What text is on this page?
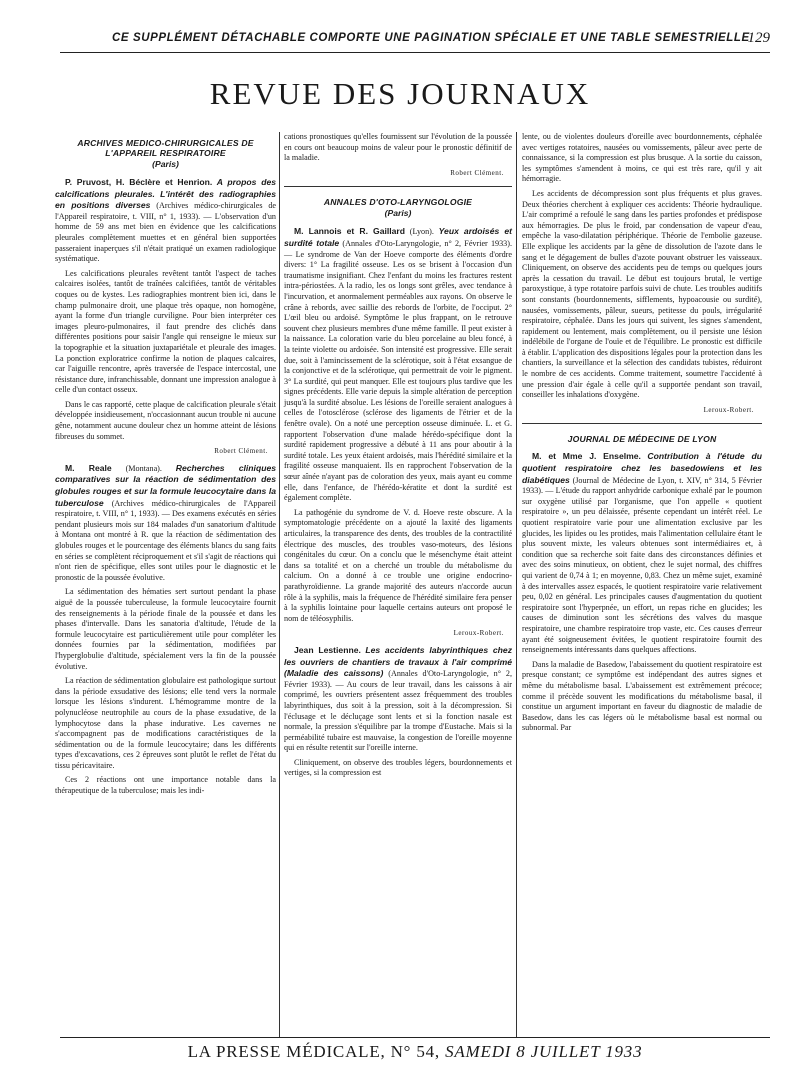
CE SUPPLÉMENT DÉTACHABLE COMPORTE UNE PAGINATION SPÉCIALE ET UNE TABLE SEMESTRIELLE
129
REVUE DES JOURNAUX
ARCHIVES MEDICO-CHIRURGICALES DE L'APPAREIL RESPIRATOIRE
(Paris)

P. Pruvost, H. Béclère et Henrion. A propos des calcifications pleurales. L'intérêt des radiographies en positions diverses (Archives médico-chirurgicales de l'Appareil respiratoire, t. VIII, n° 1, 1933). — L'observation d'un homme de 59 ans met bien en évidence que les calcifications pleurales complètement muettes et en général bien supportées passeraient inaperçues s'il n'était pratiqué un examen radiologique systématique.

Les calcifications pleurales revêtent tantôt l'aspect de taches calcaires isolées, tantôt de traînées calcifiées, tantôt de véritables coques ou de kystes. Les radiographies montrent bien ici, dans le champ pulmonaire droit, une plaque très opaque, non homogène, ayant la forme d'un triangle curviligne. Pour bien interpréter ces images pleuro-pulmonaires, il faut prendre des clichés dans différentes positions pour saisir l'angle qui renseigne le mieux sur la topographie et la situation juxtapariétale et pleurale des images. La ponction exploratrice confirme la notion de plaques calcaires, car l'aiguille rencontre, après traversée de l'espace intercostal, une résistance dure, infranchissable, donnant une impression analogue à celle d'un contact osseux.

Dans le cas rapporté, cette plaque de calcification pleurale s'était développée insidieusement, n'occasionnant aucun trouble ni aucune gêne, notamment aucune douleur chez un homme atteint de lésions fibreuses du sommet.

Robert Clément.

M. Reale (Montana). Recherches cliniques comparatives sur la réaction de sédimentation des globules rouges et sur la formule leucocytaire dans la tuberculose (Archives médico-chirurgicales de l'Appareil respiratoire, t. VIII, n° 1, 1933). — Des examens exécutés en séries pendant plusieurs mois sur 184 malades d'un sanatorium d'altitude à Montana ont montré à R. que la réaction de sédimentation des globules rouges et le pourcentage des éléments blancs du sang faits en séries se complètent réciproquement et s'il s'agit de réactions qui n'ont rien de spécifique, elles sont utiles pour le diagnostic et le pronostic de la poussée évolutive.

La sédimentation des hématies sert surtout pendant la phase aiguë de la poussée tuberculeuse, la formule leucocytaire fournit des renseignements à la période finale de la poussée et dans les phases d'intervalle. Dans les sanatoria d'altitude, l'étude de la formule leucocytaire est particulièrement utile pour compléter les données fournies par la sédimentation, modifiées par l'hyperglobulie d'altitude, spécialement vers la fin de la poussée évolutive.

La réaction de sédimentation globulaire est pathologique surtout dans la période exsudative des lésions; elle tend vers la normale lorsque les lésions s'indurent. L'hémogramme montre de la polynucléose neutrophile au cours de la phase exsudative, de la lymphocytose dans la phase indurative. Les cavernes ne s'accompagnent pas de modifications caractéristiques de la sédimentation ou de la formule leucocytaire; dans les différents types d'excavations, ces 2 épreuves sont plutôt le reflet de l'état du tissu péricavitaire.

Ces 2 réactions ont une importance notable dans la thérapeutique de la tuberculose; mais les indi-

cations pronostiques qu'elles fournissent sur l'évolution de la poussée en cours ont beaucoup moins de valeur pour le pronostic définitif de la maladie.

Robert Clément.
ANNALES D'OTO-LARYNGOLOGIE
(Paris)

M. Lannois et R. Gaillard (Lyon). Yeux ardoisés et surdité totale (Annales d'Oto-Laryngologie, n° 2, Février 1933). — Le syndrome de Van der Hoeve comporte des éléments d'ordre divers: 1° La fragilité osseuse. Les os se brisent à l'occasion d'un traumatisme insignifiant. Chez l'enfant du moins les fractures restent intra-périostées. A la radio, les os longs sont grêles, avec tendance à l'incurvation, et anormalement perméables aux rayons. On observe le crâne à rebords, avec saillie des rebords de l'orbite, de l'occiput. 2° L'œil bleu ou ardoisé. Symptôme le plus frappant, on le retrouve souvent chez plusieurs membres d'une même famille. Il peut exister à la naissance. La coloration varie du bleu porcelaine au bleu foncé, à la teinte violette ou ardoisée. Son intensité est progressive. Elle serait due, soit à l'amincissement de la sclérotique, soit à l'état exsangue de la conjonctive et de la sclérotique, qui permettrait de voir le pigment. 3° La surdité, qui peut manquer. Elle est toujours plus tardive que les signes précédents. Elle varie depuis la simple altération de perception jusqu'à la surdité absolue. Les lésions de l'oreille seraient analogues à celles de l'otosclérose (sclérose des ligaments de l'étrier et de la fenêtre ovale). On a noté une perception osseuse diminuée. L. et G. rapportent l'observation d'une malade hérédo-spécifique dont la surdité rapidement progressive a débuté à 11 ans pour aboutir à la surdité totale. Les yeux étaient ardoisés, mais l'hérédité similaire et la fragilité osseuse manquaient. Ils en rapprochent l'observation de la sœur aînée n'ayant pas de coloration des yeux, mais ayant eu comme elle, dans l'enfance, de l'hérédo-kératite et dont la surdité est également complète.

La pathogénie du syndrome de V. d. Hoeve reste obscure. A la symptomatologie précédente on a ajouté la laxité des ligaments articulaires, la transparence des dents, des troubles de la contractilité électrique des muscles, des troubles vaso-moteurs, des lésions congénitales du cœur. On a conclu que le mésenchyme était atteint dans sa totalité et on a cherché un trouble du métabolisme du calcium. On a donné à ce trouble une origine endocrino-parathyroïdienne. La grande majorité des auteurs n'accorde aucun rôle à la syphilis, mais la fréquence de l'hérédité similaire fera penser à la syphilis lointaine pour laquelle certains auteurs ont proposé le nom de téléosyphilis.

Leroux-Robert.

Jean Lestienne. Les accidents labyrinthiques chez les ouvriers de chantiers de travaux à l'air comprimé (Maladie des caissons) (Annales d'Oto-Laryngologie, n° 2, Février 1933). — Au cours de leur travail, dans les caissons à air comprimé, les ouvriers présentent assez fréquemment des troubles labyrinthiques, dus soit à la pression, soit à la décompression. Si l'éclusage et le décluçage sont lents et si la fonction nasale est normale, la pression s'équilibre par la trompe d'Eustache. Mais si la perméabilité tubaire est mauvaise, la congestion de l'oreille moyenne qui en résulte retentit sur l'oreille interne.

Cliniquement, on observe des troubles légers, bourdonnements et vertiges, si la compression est

lente, ou de violentes douleurs d'oreille avec bourdonnements, céphalée avec vertiges rotatoires, nausées ou vomissements, pâleur avec perte de connaissance, si la compression est plus brusque. A la sortie du caisson, les symptômes s'amendent à moins, ce qui est très rare, qu'il y ait hémorragie.

Les accidents de décompression sont plus fréquents et plus graves. Deux théories cherchent à expliquer ces accidents: Théorie hydraulique. L'air comprimé a refoulé le sang dans les parties profondes et prédispose aux hémorragies. De plus le froid, par condensation de vapeur d'eau, empêche la vaso-dilatation périphérique. Théorie de l'embolie gazeuse. Elle explique les accidents par la gêne de dissolution de l'azote dans le sang et le dégagement de bulles d'azote pouvant obstruer les vaisseaux. Cliniquement, on observe des accidents peu de temps ou quelques jours après la cessation du travail. Le début est toujours brutal, le vertige paroxystique, à type rotatoire parfois suivi de chute. Les troubles auditifs sont constants (bourdonnements, sifflements, hypoacousie ou surdité), nausées, vomissements, pâleur, sueurs, petitesse du pouls, irrégularité respiratoire, céphalée. Dans les jours qui suivent, les signes s'amendent, rapidement ou lentement, mais complètement, ou il persiste une lésion indélébile de l'organe de l'ouïe et de l'équilibre. Le pronostic est difficile à établir. L'application des dispositions légales pour la protection dans les chantiers, la surveillance et la sélection des candidats tubistes, réduiront le nombre de ces accidents. Comme traitement, soumettre l'accidenté à une pression d'air égale à celle qu'il a supportée pendant son travail, conseiller les inhalations d'oxygène.

Leroux-Robert.
JOURNAL DE MÉDECINE DE LYON

M. et Mme J. Enselme. Contribution à l'étude du quotient respiratoire chez les basedowiens et les diabétiques (Journal de Médecine de Lyon, t. XIV, n° 314, 5 Février 1933). — L'étude du rapport anhydride carbonique exhalé par le poumon sur oxygène utilisé par l'organisme, que l'on appelle « quotient respiratoire », un peu délaissée, présente cependant un intérêt réel. Le quotient respiratoire varie pour une alimentation exclusive par les glucides, les lipides ou les protides, mais l'alimentation cellulaire étant le plus souvent mixte, les valeurs obtenues sont intermédiaires et, à condition que sa recherche soit faite dans des circonstances définies et avec des soins minutieux, on obtient, chez le sujet normal, des chiffres qui varient de 0,74 à 1; en moyenne, 0,83. Chez un même sujet, examiné à des intervalles assez espacés, le quotient respiratoire varie relativement peu, 0,02 en général. Les principales causes d'augmentation du quotient respiratoire sont l'hyperpnée, un effort, un repas riche en glucides; les causes de diminution sont les sécrétions des valves du masque respiratoire, une chambre respiratoire trop vaste, etc. Ces causes d'erreur ayant été soigneusement évitées, le quotient respiratoire fournit des renseignements intéressants dans quelques affections.

Dans la maladie de Basedow, l'abaissement du quotient respiratoire est presque constant; ce symptôme est indépendant des autres signes et même du métabolisme basal. L'abaissement est extrêmement précoce; comme il précède souvent les modifications du métabolisme basal, il constitue un argument important en faveur du diagnostic de maladie de Basedow, dans les cas légers où le métabolisme basal est normal ou subnormal. Par

LA PRESSE MÉDICALE, N° 54, SAMEDI 8 JUILLET 1933
